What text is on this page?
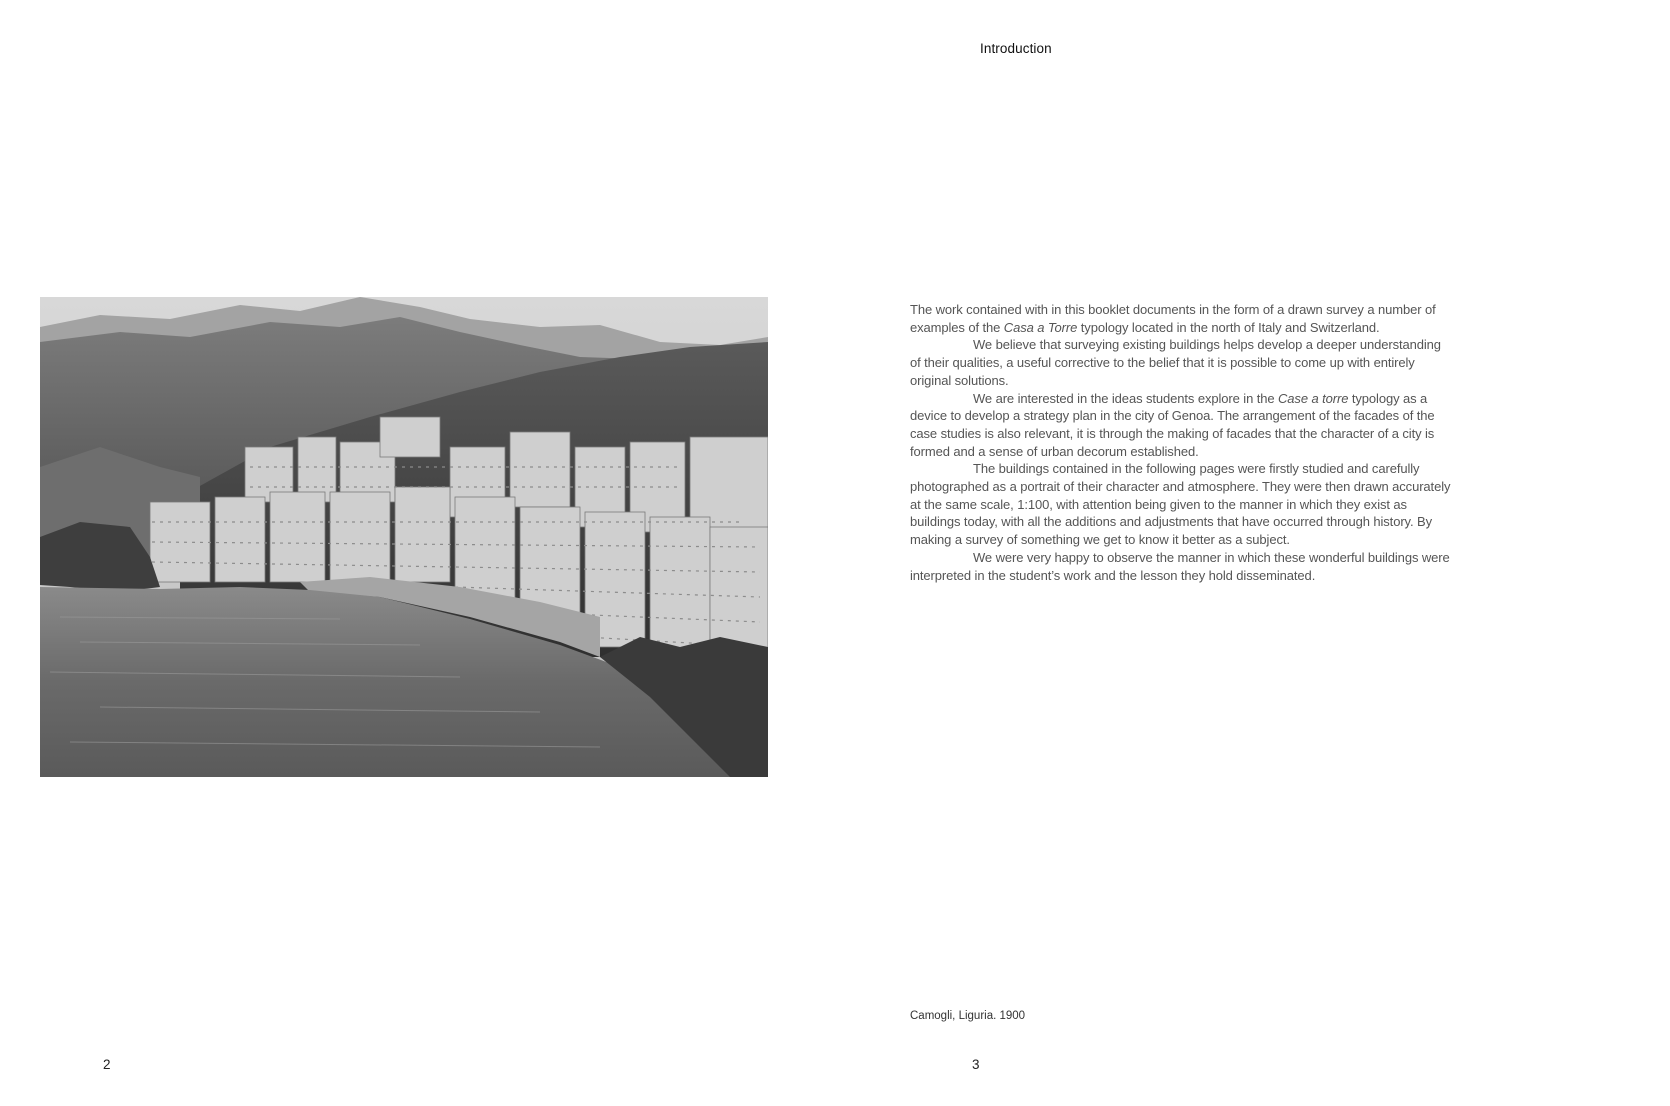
2
Introduction

The work contained with in this booklet documents in the form of a drawn survey a number of examples of the Casa a Torre typology located in the north of Italy and Switzerland.

We believe that surveying existing buildings helps develop a deeper understanding of their qualities, a useful corrective to the belief that it is possible to come up with entirely original solutions.

We are interested in the ideas students explore in the Case a torre typology as a device to develop a strategy plan in the city of Genoa. The arrangement of the facades of the case studies is also relevant, it is through the making of facades that the character of a city is formed and a sense of urban decorum established.

The buildings contained in the following pages were firstly studied and carefully photographed as a portrait of their character and atmosphere. They were then drawn accurately at the same scale, 1:100, with attention being given to the manner in which they exist as buildings today, with all the additions and adjustments that have occurred through history. By making a survey of something we get to know it better as a subject.

We were very happy to observe the manner in which these wonderful buildings were interpreted in the student’s work and the lesson they hold disseminated.

Camogli, Liguria. 1900
3
